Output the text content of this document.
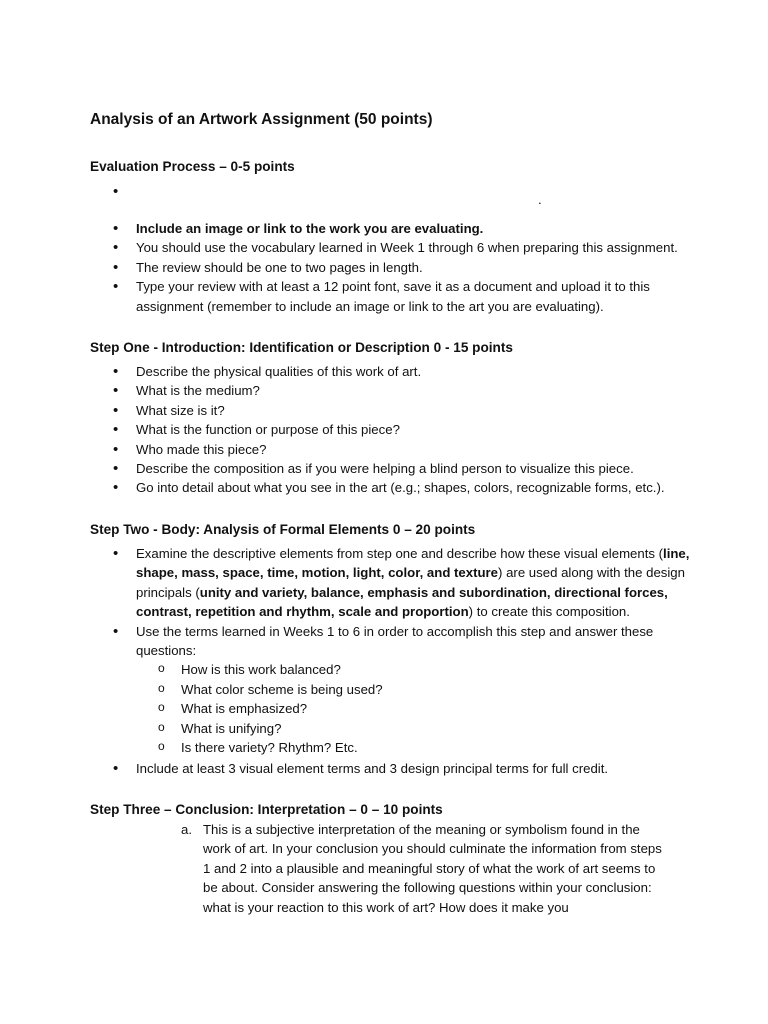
Analysis of an Artwork Assignment (50 points)
Evaluation Process – 0-5 points
• .
• Include an image or link to the work you are evaluating.
• You should use the vocabulary learned in Week 1 through 6 when preparing this assignment.
• The review should be one to two pages in length.
• Type your review with at least a 12 point font, save it as a document and upload it to this assignment (remember to include an image or link to the art you are evaluating).
Step One - Introduction: Identification or Description 0 - 15 points
• Describe the physical qualities of this work of art.
• What is the medium?
• What size is it?
• What is the function or purpose of this piece?
• Who made this piece?
• Describe the composition as if you were helping a blind person to visualize this piece.
• Go into detail about what you see in the art (e.g.; shapes, colors, recognizable forms, etc.).
Step Two - Body: Analysis of Formal Elements 0 – 20 points
• Examine the descriptive elements from step one and describe how these visual elements (line, shape, mass, space, time, motion, light, color, and texture) are used along with the design principals (unity and variety, balance, emphasis and subordination, directional forces, contrast, repetition and rhythm, scale and proportion) to create this composition.
• Use the terms learned in Weeks 1 to 6 in order to accomplish this step and answer these questions:
o How is this work balanced?
o What color scheme is being used?
o What is emphasized?
o What is unifying?
o Is there variety? Rhythm? Etc.
• Include at least 3 visual element terms and 3 design principal terms for full credit.
Step Three – Conclusion: Interpretation – 0 – 10 points
a. This is a subjective interpretation of the meaning or symbolism found in the work of art. In your conclusion you should culminate the information from steps 1 and 2 into a plausible and meaningful story of what the work of art seems to be about. Consider answering the following questions within your conclusion: what is your reaction to this work of art? How does it make you
